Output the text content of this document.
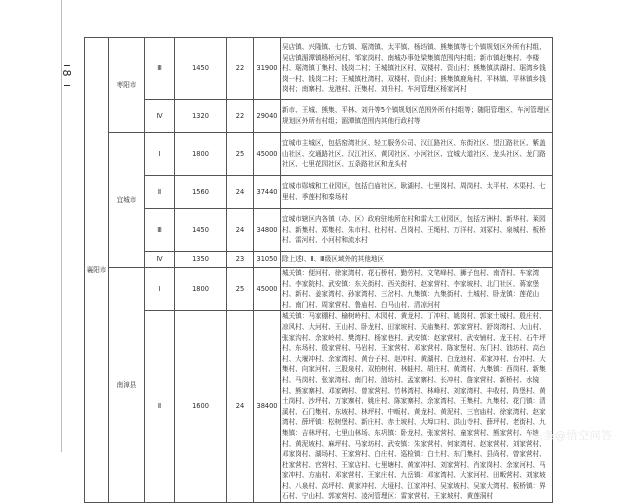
8
襄阳市	枣阳市	Ⅲ	1450	22	31900	吴店镇、兴隆镇、七方镇、琚湾镇、太平镇、杨垱镇、熊集镇等七个镇规划区外所有村组、吴店镇湄潭镇杨桥河村、邹家岗村、南城办事处梁集镇范围内村组；新市镇赶集村、李楼村、琚湾镇丁集村、钱岗二村；王城镇社区村、双楼村、资山村；熊集镇洪湖村、琚湾乡钱岗一村、钱岗二村；王城镇杜湾村、双楼村、资山村；熊集镇鹿角村、平林镇、平林镇乡钱岗村；南寨村、龙港村、汪集村、刘升村、车河管理区杨家河村
		Ⅳ	1320	22	29040	新市、王城、熊集、平林、刘升等5个镇规划区范围外所有村组等；随阳管理区、车河管理区规划区外所有村组；湄潭镇范围内其他行政村等
	宜城市	Ⅰ	1800	25	45000	宜城市主城区，包括窑湾社区、轻工服务公司、汉江路社区、东街社区、望江路社区、紫盖山社区、交通路社区、汉江社区、黄冈社区、小河社区、宜城大道社区、龙头社区、龙门路社区、七里花园社区、五条路社区和龙头村
		Ⅱ	1560	24	37440	宜城市郧城和工业园区，包括白庙社区、耿湖村、七里岗村、周岗村、太平村、木渠村、七里村、季莲村和秦场村
		Ⅲ	1450	24	34800	宜城市辖区内各镇（办、区）政府驻地所在村和雷大工业园区，包括方洲村、新华村、莱园村、新集村、郑集村、朱市村、杜村村、吕岗村、王绳村、万洋村、刘冢村、泉城村、板桥村、雷河村、小河村和流水村
		Ⅳ	1350	23	31050	除上述Ⅰ、Ⅱ、Ⅲ级区域外的其他地区
	南漳县	Ⅰ	1800	25	45000	城关镇：便河村、徐家湾村、花石桥村、勤劳村、文笔峰村、狮子包村、南背村、车家湾村、李家院村、武安镇：东关街村、西关街村、赵家营村、李家坡村、北门社区、蒋家堡村、新村、姜家湾村、孙家湾村、三岔村、九集镇：九集街村、土城村、卧龙镇：莲花山村、南门村、周家营村、鲁庙村、白马山村、清凉河村
		Ⅱ	1600	24	38400	城关镇：马家棚村、榆树岭村、木园村、黄龙村、丁冲村、姚岗村、郭家土城村、殷庄村、凉风村、大河村、王山村、卧龙村、田家坡村、关庙集村、郭家营村、舒岗湾村、大山村、张家沟村、余家岭村、樊湾村、杨家巷村、武安镇：赵家营村、武安铺村、龙王村、石牛坪村、东场村、殷家营村、马岩村、王家营村、邓家营村、陈家堡村、东门村、油坊村、高台村、大堰冲村、余家湾村、黄台子村、赵冲村、黄湖村、白龙池村、邓家冲村、台冲村、大集村、向家河村、三股泉村、双柏树村、林蛙村、胡庄村、黄湾村、九集镇：西岗村、新集村、马岗村、张家湾村、南门村、油坊村、孟家寨村、长冲村、詹家营村、新桥村、水镜村、熊家寨村、邓家碑村、曾家营村、竹林湾村、林峰村、刘家湾村、丰收村、阵堡村、黄土岗村、沙坪村、万家寨村、姚庄村、陈家寨村、余家湾村、王集村、九集村、花门镇：清溪村、石门集村、东坡村、林坪村、中畈村、黄龙村、黄泥村、三官庙村、徐家湾村、赵家湾村、薛坪镇：松树堡村、新庄村、赤土坡村、大埠口村、洪山寺村、薛坪村、老街村、九集镇：吉林坪村、七里山林场、东巩镇：卧龙村、张家营村、童家营村、熊家营村、车塘村、黄泥坡村、麻坪村、马家坊村、武安镇：朱家营村、何家湾村、赵家营村、刘家营村、邓家岗村、湖场村、王家营村、白庄村、巡检镇：白土村、东门集村、县尚村、曾家营村、杜家营村、官营村、王家店村、七里塘村、黄家冲村、刘家营村、肖家岗村、余家河村、马家冲村、方庙村、邓家营村、王家庄村、九岳镇：邓家湾村、大家河村、田畈营村、刘家坡村、八泉村、高坪村、黄家冲村、大垭村、江家冲村、吴家坡村、吴家大湾村、板桥镇：界石村、宁山村、郭家营村、凌河管理区：雷家营村、王家坡村、黄莲洞村
头条@悟空问答
